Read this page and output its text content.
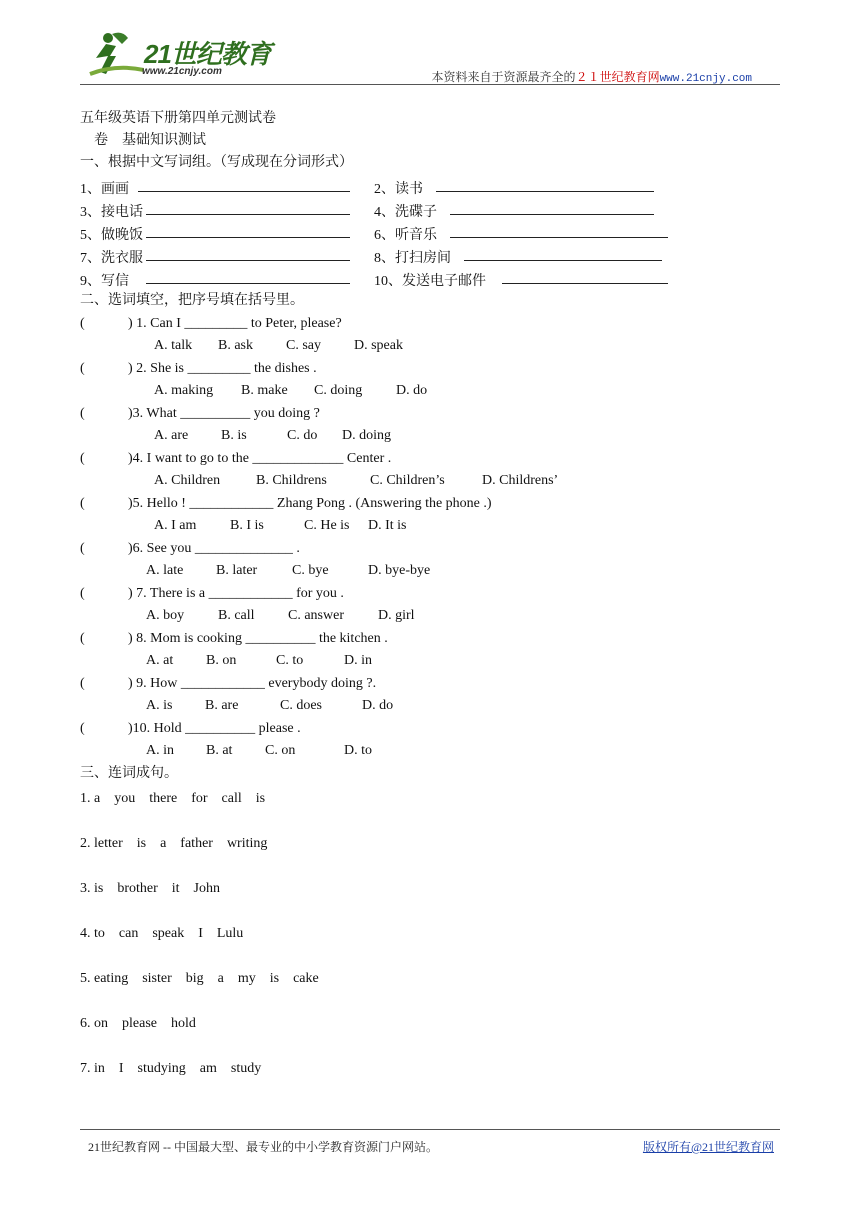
21世纪教育
www.21cnjy.com	本资料来自于资源最齐全的２１世纪教育网www.21cnjy.com
五年级英语下册第四单元测试卷
卷　基础知识测试
一、根据中文写词组。（写成现在分词形式）
1、画画	2、读书
3、接电话	4、洗碟子
5、做晚饭	6、听音乐
7、洗衣服	8、打扫房间
9、写信	10、发送电子邮件
二、选词填空，把序号填在括号里。
(	) 1. Can I _________ to Peter, please?
A. talk B. ask C. say D. speak
(	) 2. She is _________ the dishes .
A. making B. make C. doing D. do
(	)3. What __________ you doing ?
A. are B. is	C. do D. doing
(	)4. I want to go to the _____________ Center .
A. Children	B. Childrens	C. Children’s	D. Childrens’
(	)5. Hello ! ____________ Zhang Pong . (Answering the phone .)
A. I am B. I is	C. He is D. It is
(	)6. See you ______________ .
A. late B. later C. bye	D. bye-bye
(	) 7. There is a ____________ for you .
A. boy B. call C. answer D. girl
(	) 8. Mom is cooking __________ the kitchen .
A. at B. on	C. to	D. in
(	) 9. How ____________ everybody doing ?.
A. is B. are	C. does	D. do
(	)10. Hold __________ please .
A. in B. at C. on	D. to
三、连词成句。
1. a　you　there　for　call　is
2. letter　is　a　father　writing
3. is　brother　it　John
4. to　can　speak　I　Lulu
5. eating　sister　big　a　my　is　cake
6. on　please　hold
7. in　I　studying　am　study
21世纪教育网 -- 中国最大型、最专业的中小学教育资源门户网站。	版权所有@21世纪教育网
